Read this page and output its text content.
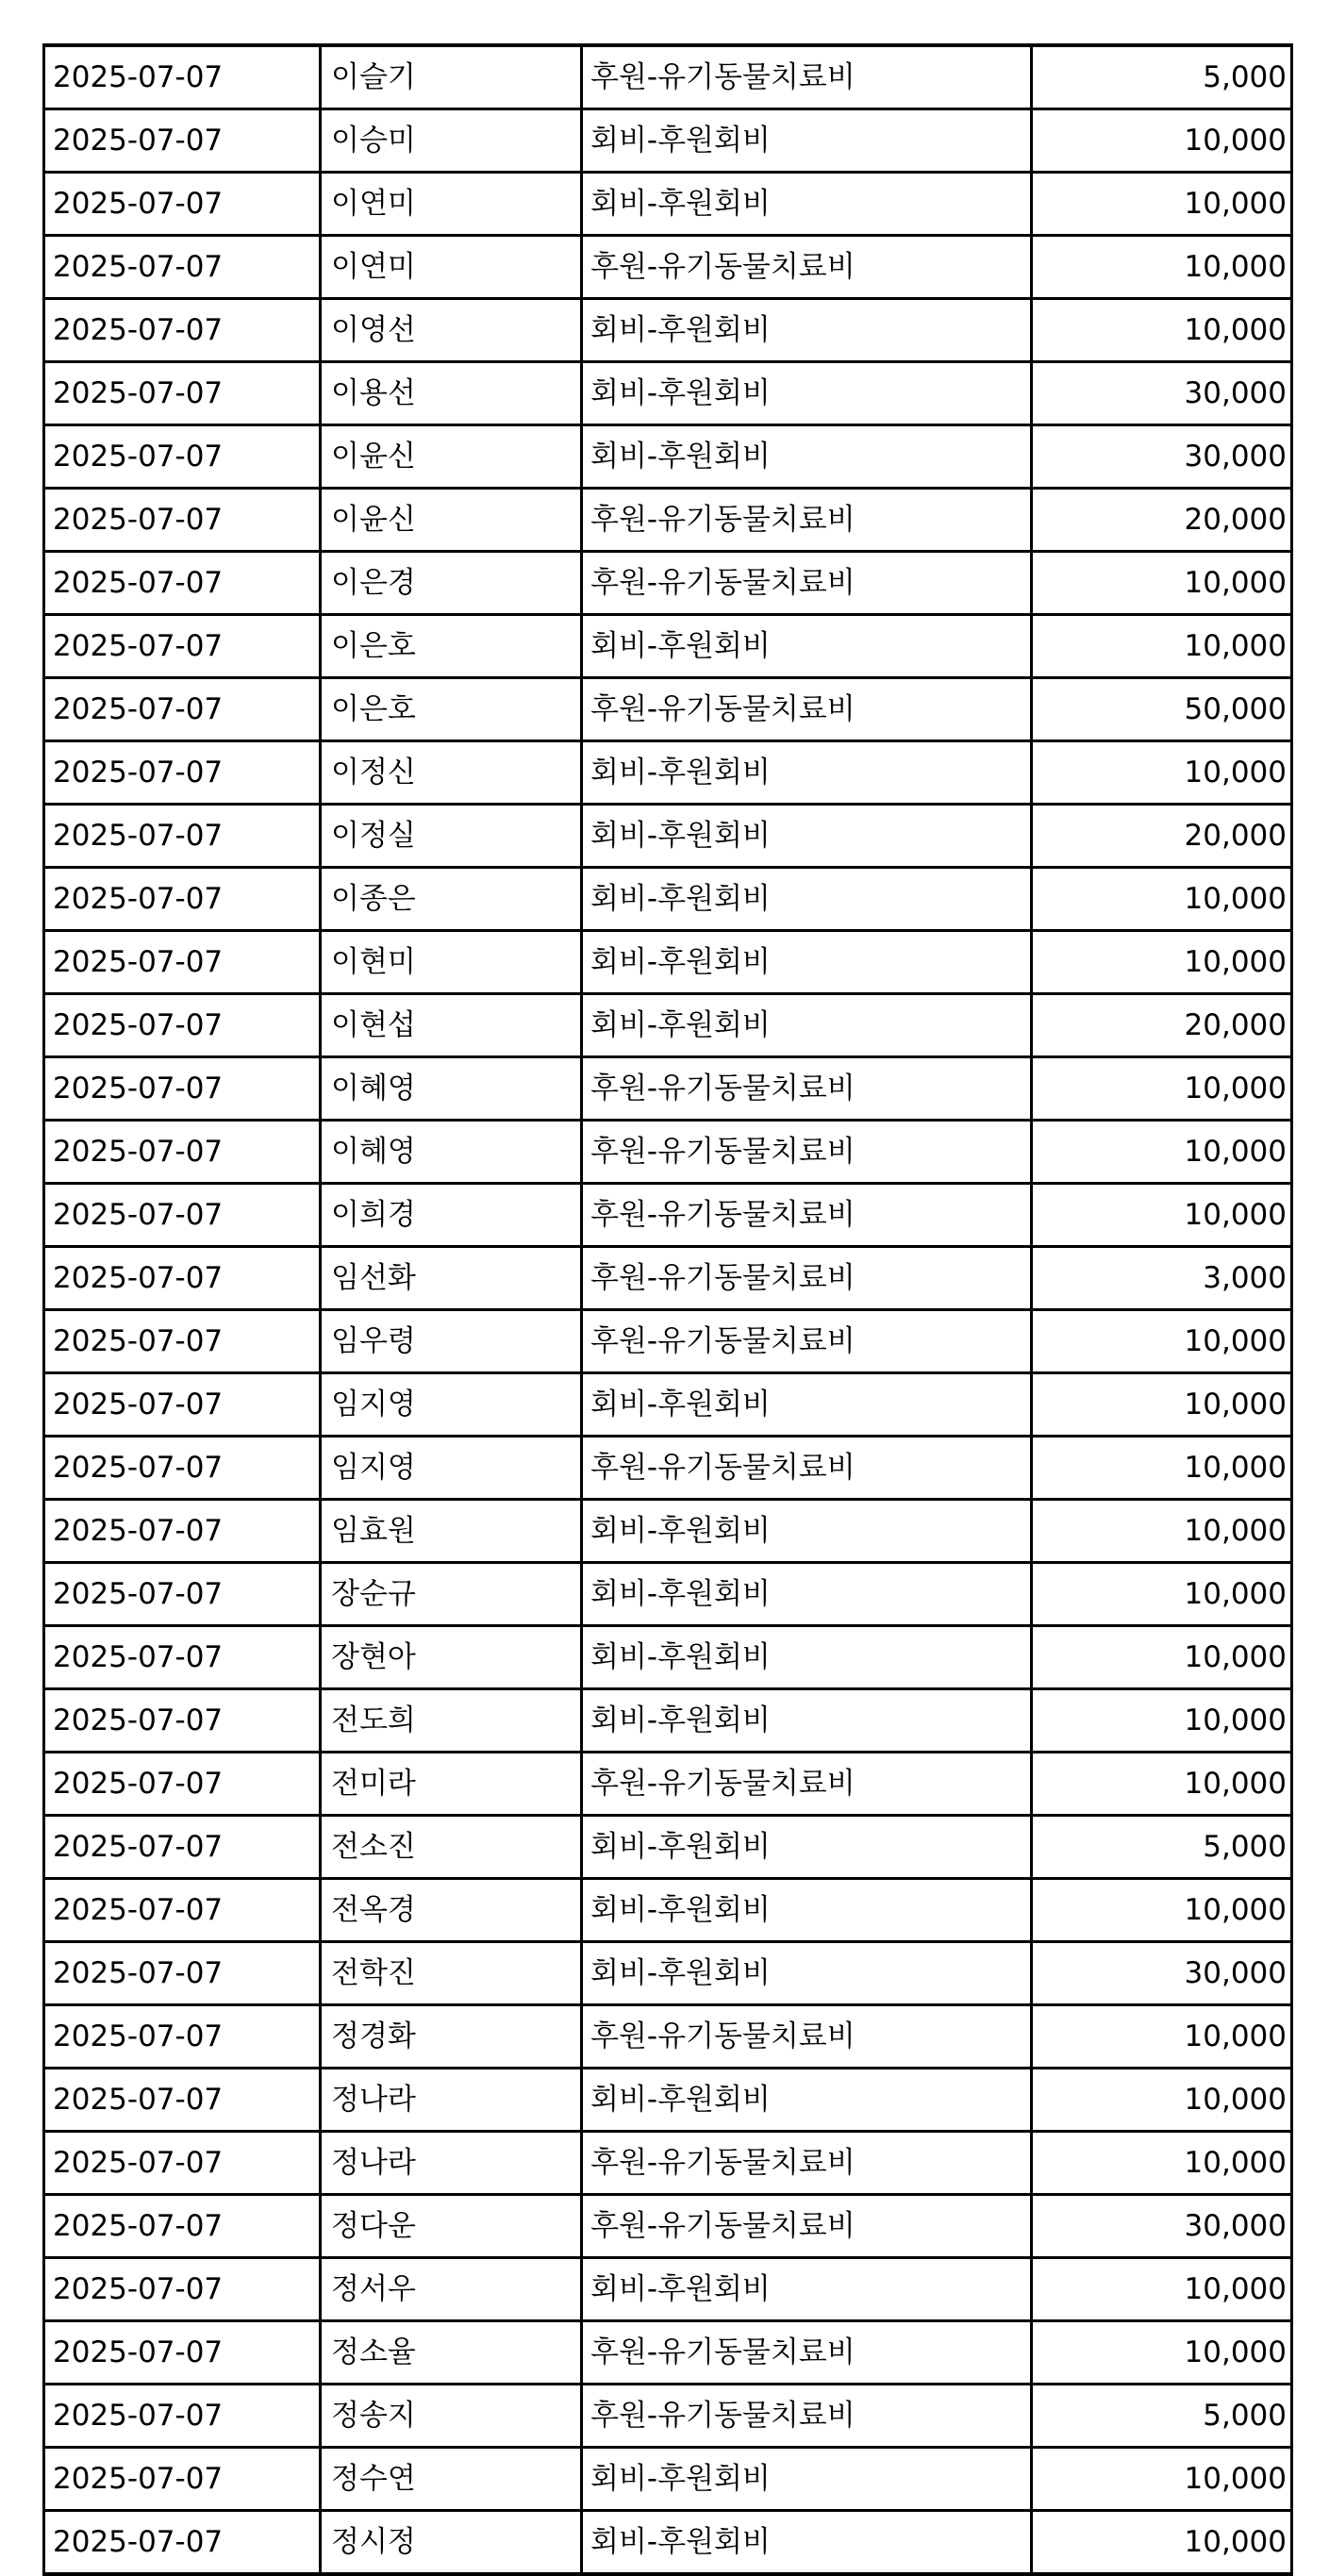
2025-07-07	이슬기	후원-유기동물치료비	5,000
2025-07-07	이승미	회비-후원회비	10,000
2025-07-07	이연미	회비-후원회비	10,000
2025-07-07	이연미	후원-유기동물치료비	10,000
2025-07-07	이영선	회비-후원회비	10,000
2025-07-07	이용선	회비-후원회비	30,000
2025-07-07	이윤신	회비-후원회비	30,000
2025-07-07	이윤신	후원-유기동물치료비	20,000
2025-07-07	이은경	후원-유기동물치료비	10,000
2025-07-07	이은호	회비-후원회비	10,000
2025-07-07	이은호	후원-유기동물치료비	50,000
2025-07-07	이정신	회비-후원회비	10,000
2025-07-07	이정실	회비-후원회비	20,000
2025-07-07	이종은	회비-후원회비	10,000
2025-07-07	이현미	회비-후원회비	10,000
2025-07-07	이현섭	회비-후원회비	20,000
2025-07-07	이혜영	후원-유기동물치료비	10,000
2025-07-07	이혜영	후원-유기동물치료비	10,000
2025-07-07	이희경	후원-유기동물치료비	10,000
2025-07-07	임선화	후원-유기동물치료비	3,000
2025-07-07	임우령	후원-유기동물치료비	10,000
2025-07-07	임지영	회비-후원회비	10,000
2025-07-07	임지영	후원-유기동물치료비	10,000
2025-07-07	임효원	회비-후원회비	10,000
2025-07-07	장순규	회비-후원회비	10,000
2025-07-07	장현아	회비-후원회비	10,000
2025-07-07	전도희	회비-후원회비	10,000
2025-07-07	전미라	후원-유기동물치료비	10,000
2025-07-07	전소진	회비-후원회비	5,000
2025-07-07	전옥경	회비-후원회비	10,000
2025-07-07	전학진	회비-후원회비	30,000
2025-07-07	정경화	후원-유기동물치료비	10,000
2025-07-07	정나라	회비-후원회비	10,000
2025-07-07	정나라	후원-유기동물치료비	10,000
2025-07-07	정다운	후원-유기동물치료비	30,000
2025-07-07	정서우	회비-후원회비	10,000
2025-07-07	정소율	후원-유기동물치료비	10,000
2025-07-07	정송지	후원-유기동물치료비	5,000
2025-07-07	정수연	회비-후원회비	10,000
2025-07-07	정시정	회비-후원회비	10,000
